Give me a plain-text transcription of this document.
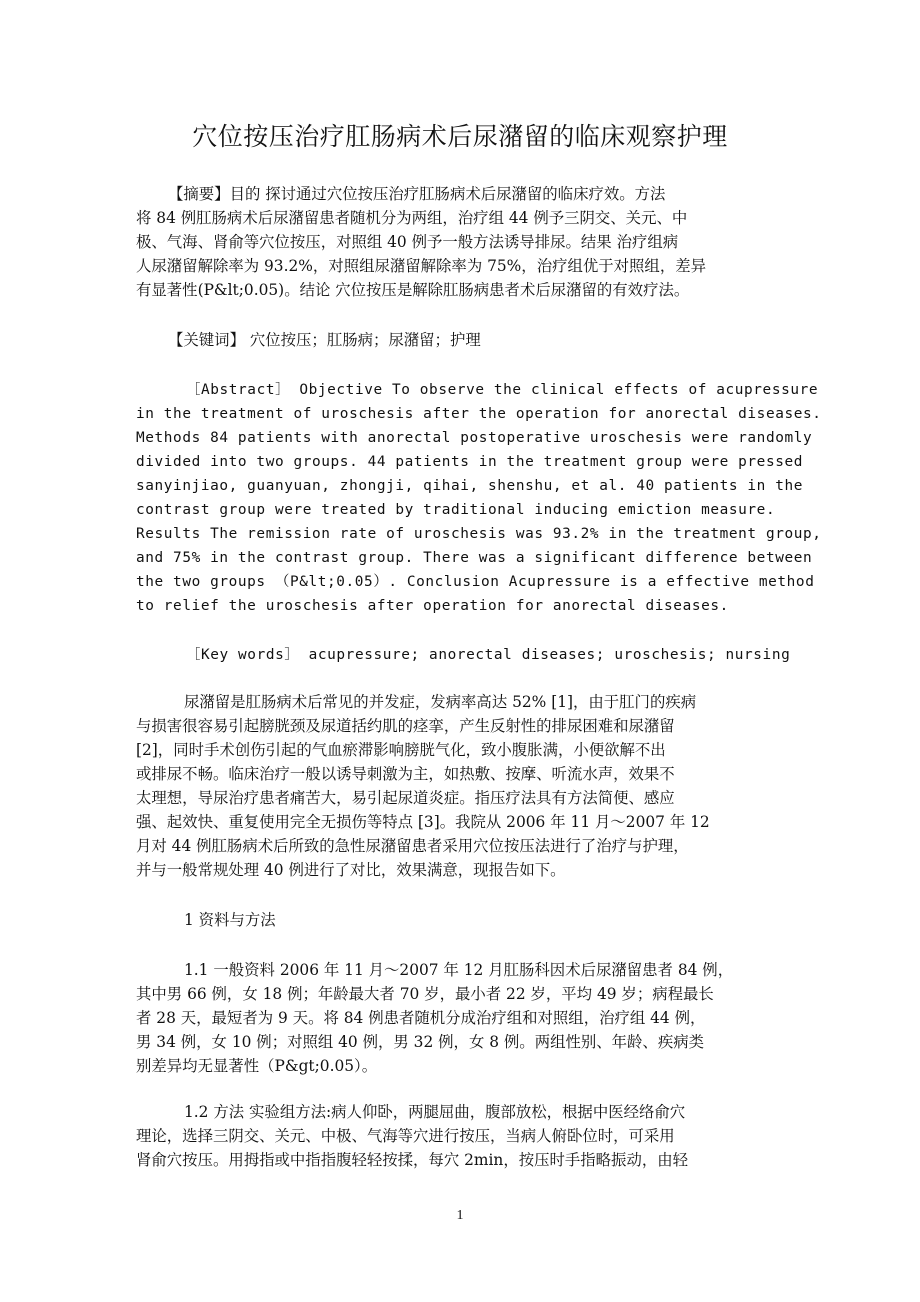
穴位按压治疗肛肠病术后尿潴留的临床观察护理
【摘要】目的 探讨通过穴位按压治疗肛肠病术后尿潴留的临床疗效。方法
将 84 例肛肠病术后尿潴留患者随机分为两组，治疗组 44 例予三阴交、关元、中
极、气海、肾俞等穴位按压，对照组 40 例予一般方法诱导排尿。结果 治疗组病
人尿潴留解除率为 93.2%，对照组尿潴留解除率为 75%，治疗组优于对照组，差异
有显著性(P&lt;0.05)。结论 穴位按压是解除肛肠病患者术后尿潴留的有效疗法。
【关键词】 穴位按压；肛肠病；尿潴留；护理
［Abstract］ Objective To observe the clinical effects of acupressure
in the treatment of uroschesis after the operation for anorectal diseases.
Methods 84 patients with anorectal postoperative uroschesis were randomly
divided into two groups. 44 patients in the treatment group were pressed
sanyinjiao, guanyuan, zhongji, qihai, shenshu, et al. 40 patients in the
contrast group were treated by traditional inducing emiction measure.
Results The remission rate of uroschesis was 93.2% in the treatment group,
and 75% in the contrast group. There was a significant difference between
the two groups （P&lt;0.05）. Conclusion Acupressure is a effective method
to relief the uroschesis after operation for anorectal diseases.
［Key words］ acupressure; anorectal diseases; uroschesis; nursing
尿潴留是肛肠病术后常见的并发症，发病率高达 52% [1]，由于肛门的疾病
与损害很容易引起膀胱颈及尿道括约肌的痉挛，产生反射性的排尿困难和尿潴留
[2]，同时手术创伤引起的气血瘀滞影响膀胱气化，致小腹胀满，小便欲解不出
或排尿不畅。临床治疗一般以诱导刺激为主，如热敷、按摩、听流水声，效果不
太理想，导尿治疗患者痛苦大，易引起尿道炎症。指压疗法具有方法简便、感应
强、起效快、重复使用完全无损伤等特点 [3]。我院从 2006 年 11 月～2007 年 12
月对 44 例肛肠病术后所致的急性尿潴留患者采用穴位按压法进行了治疗与护理，
并与一般常规处理 40 例进行了对比，效果满意，现报告如下。
1 资料与方法
1.1 一般资料 2006 年 11 月～2007 年 12 月肛肠科因术后尿潴留患者 84 例，
其中男 66 例，女 18 例；年龄最大者 70 岁，最小者 22 岁，平均 49 岁；病程最长
者 28 天，最短者为 9 天。将 84 例患者随机分成治疗组和对照组，治疗组 44 例，
男 34 例，女 10 例；对照组 40 例，男 32 例，女 8 例。两组性别、年龄、疾病类
别差异均无显著性（P&gt;0.05）。
1.2 方法 实验组方法:病人仰卧，两腿屈曲，腹部放松，根据中医经络俞穴
理论，选择三阴交、关元、中极、气海等穴进行按压，当病人俯卧位时，可采用
肾俞穴按压。用拇指或中指指腹轻轻按揉，每穴 2min，按压时手指略振动，由轻
1
